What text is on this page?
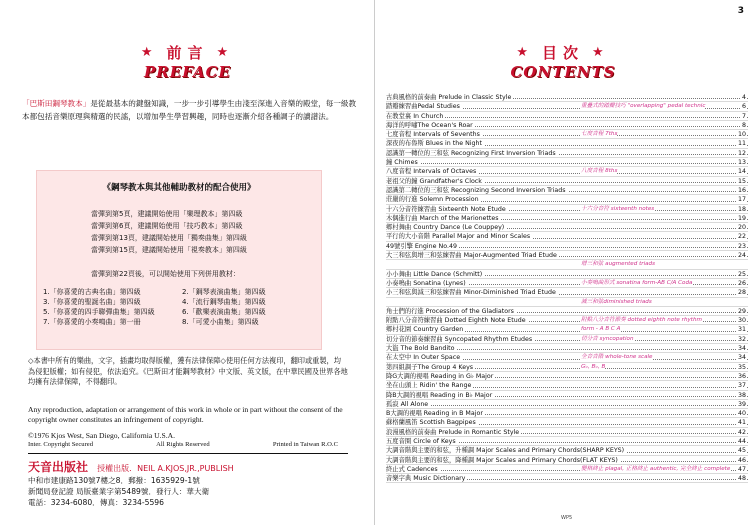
★ 前言 ★
PREFACE
「巴斯田鋼琴教本」是從最基本的鍵盤知識，一步一步引導學生由淺至深進入音樂的殿堂，每一級教本都包括音樂原理與精選的民謠，以增加學生學習興趣，同時也逐漸介紹各種調子的讀譜法。
《鋼琴教本與其他輔助教材的配合使用》
當彈到第5頁，建議開始使用「樂理教本」第四級
當彈到第6頁，建議開始使用「技巧教本」第四級
當彈到第13頁，建議開始使用「獨奏曲集」第四級
當彈到第15頁，建議開始使用「視奏教本」第四級
當彈到第22頁後，可以開始使用下列併用教材：
1.「你喜愛的古典名曲」第四級	2.「鋼琴表演曲集」第四級
3.「你喜愛的聖誕名曲」第四級	4.「流行鋼琴曲集」第四級
5.「你喜愛的四手聯彈曲集」第四級	6.「歡樂表演曲集」第四級
7.「你喜愛的小奏鳴曲」第一冊	8.「可愛小曲集」第四級
◇本書中所有的樂曲，文字，插畫均取得版權，獲有法律保障◇使用任何方法複印，翻印或重製，均為侵犯版權；如有侵犯，依法追究。《巴斯田才能鋼琴教材》中文版、英文版，在中華民國及世界各地均擁有法律保障，不得翻印。
Any reproduction, adaptation or arrangement of this work in whole or in part without the consent of the copyright owner constitutes an infringement of copyright.
©1976 Kjos West, San Diego, California U.S.A.
Inter. Copyright Secured	All Rights Reserved	Printed in Taiwan R.O.C
天音出版社 授權出版．NEIL A.KJOS,JR.,PUBLISH
中和市建康路130號7樓之8．郵撥：1635929-1號
新聞局登記證 局版臺業字第5489號．發行人：華大衛
電話：3234-6080．傳真：3234-5596
3
★ 目次 ★
CONTENTS
古典風格的前奏曲 Prelude in Classic Style	4
踏瓣練習曲Pedal Studies	重疊式的踏瓣技巧 "overlapping" pedal technic	6
在教堂裏 In Church	7
海洋的呼嘯The Ocean's Roar	8
七度音程 Intervals of Sevenths	七度音程 7ths	10
深夜的布魯斯 Blues in the Night	11
認識第一轉位的三和弦 Recognizing First Inversion Triads	12
鐘 Chimes	13
八度音程 Intervals of Octaves	八度音程 8ths	14
老祖父的鐘 Grandfather's Clock	15
認識第二轉位的三和弦 Recognizing Second Inversion Triads	16
莊嚴的行進 Solemn Procession	17
十六分音符練習曲 Sixteenth Note Etude	十六分音符 sixteenth notes	18
木偶進行曲 March of the Marionettes	19
鄉村舞曲 Country Dance (Le Couppey)	20
平行的大小音階 Parallel Major and Minor Scales	22
49號引擎 Engine No.49	23
大三和弦與增三和弦練習曲 Major-Augmented Triad Etude	24
增三和弦 augmented triads
小小舞曲 Little Dance (Schmitt)	25
小奏鳴曲 Sonatina (Lynes)	小奏鳴曲形式 sonatina form-AB C/A Coda	26
小三和弦與減三和弦練習曲 Minor-Diminished Triad Etude	28
減三和弦diminished triads
角士們的行進 Procession of the Gladiators	29
附點八分音符練習曲 Dotted Eighth Note Etude	附點八分音符節奏 dotted eighth note rhythm	30
鄉村花園 Country Garden	form - A B C A	31
切分音的節奏練習曲 Syncopated Rhythm Etudes	切分音 syncopation	32
大盜 The Bold Bandito	34
在太空中 In Outer Space	全音音階 whole-tone scale	34
第四組調子The Group 4 Keys	G♭, B♭, B	35
降G大調的視唱 Reading in G♭ Major	36
坐在山頭上 Ridin' the Range	37
降B大調的視唱 Reading in B♭ Major	38
孤寂 All Alone	39
B大調的視唱 Reading in B Major	40
蘇格蘭風笛 Scottish Bagpipes	41
浪漫風格的前奏曲 Prelude in Romantic Style	42
五度音圈 Circle of Keys	44
大調音階與主要的和弦，升種調 Major Scales and Primary Chords(SHARP KEYS)	45
大調音階與主要的和弦，降種調 Major Scales and Primary Chords(FLAT KEYS)	46
終止式 Cadences	變格終止 plagal, 正格終止 authentic, 完全終止 complete	47
音樂字典 Music Dictionary	48
WP5
